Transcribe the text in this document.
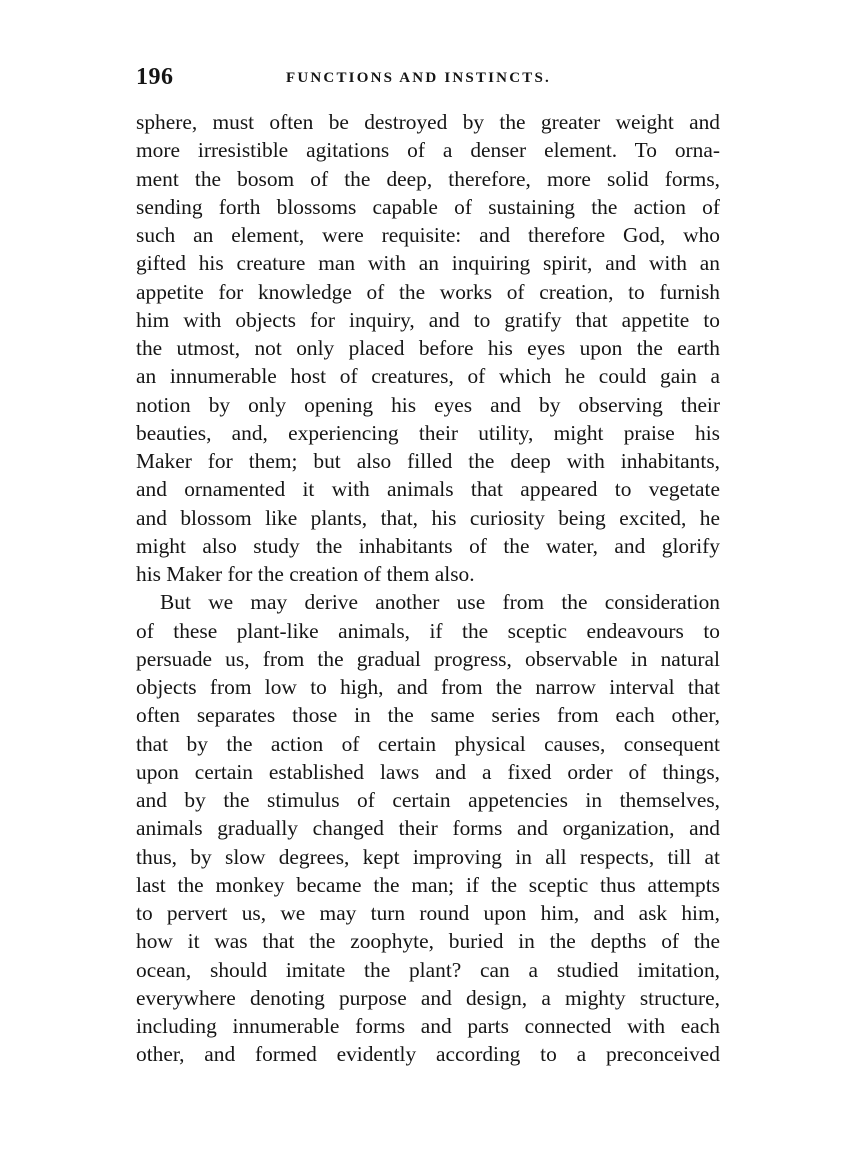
196	FUNCTIONS AND INSTINCTS.
sphere, must often be destroyed by the greater weight and
more irresistible agitations of a denser element. To orna-
ment the bosom of the deep, therefore, more solid forms,
sending forth blossoms capable of sustaining the action of
such an element, were requisite: and therefore God, who
gifted his creature man with an inquiring spirit, and with an
appetite for knowledge of the works of creation, to furnish
him with objects for inquiry, and to gratify that appetite to
the utmost, not only placed before his eyes upon the earth
an innumerable host of creatures, of which he could gain a
notion by only opening his eyes and by observing their
beauties, and, experiencing their utility, might praise his
Maker for them; but also filled the deep with inhabitants,
and ornamented it with animals that appeared to vegetate
and blossom like plants, that, his curiosity being excited, he
might also study the inhabitants of the water, and glorify
his Maker for the creation of them also.
But we may derive another use from the consideration
of these plant-like animals, if the sceptic endeavours to
persuade us, from the gradual progress, observable in natural
objects from low to high, and from the narrow interval that
often separates those in the same series from each other,
that by the action of certain physical causes, consequent
upon certain established laws and a fixed order of things,
and by the stimulus of certain appetencies in themselves,
animals gradually changed their forms and organization, and
thus, by slow degrees, kept improving in all respects, till at
last the monkey became the man; if the sceptic thus attempts
to pervert us, we may turn round upon him, and ask him,
how it was that the zoophyte, buried in the depths of the
ocean, should imitate the plant? can a studied imitation,
everywhere denoting purpose and design, a mighty structure,
including innumerable forms and parts connected with each
other, and formed evidently according to a preconceived
